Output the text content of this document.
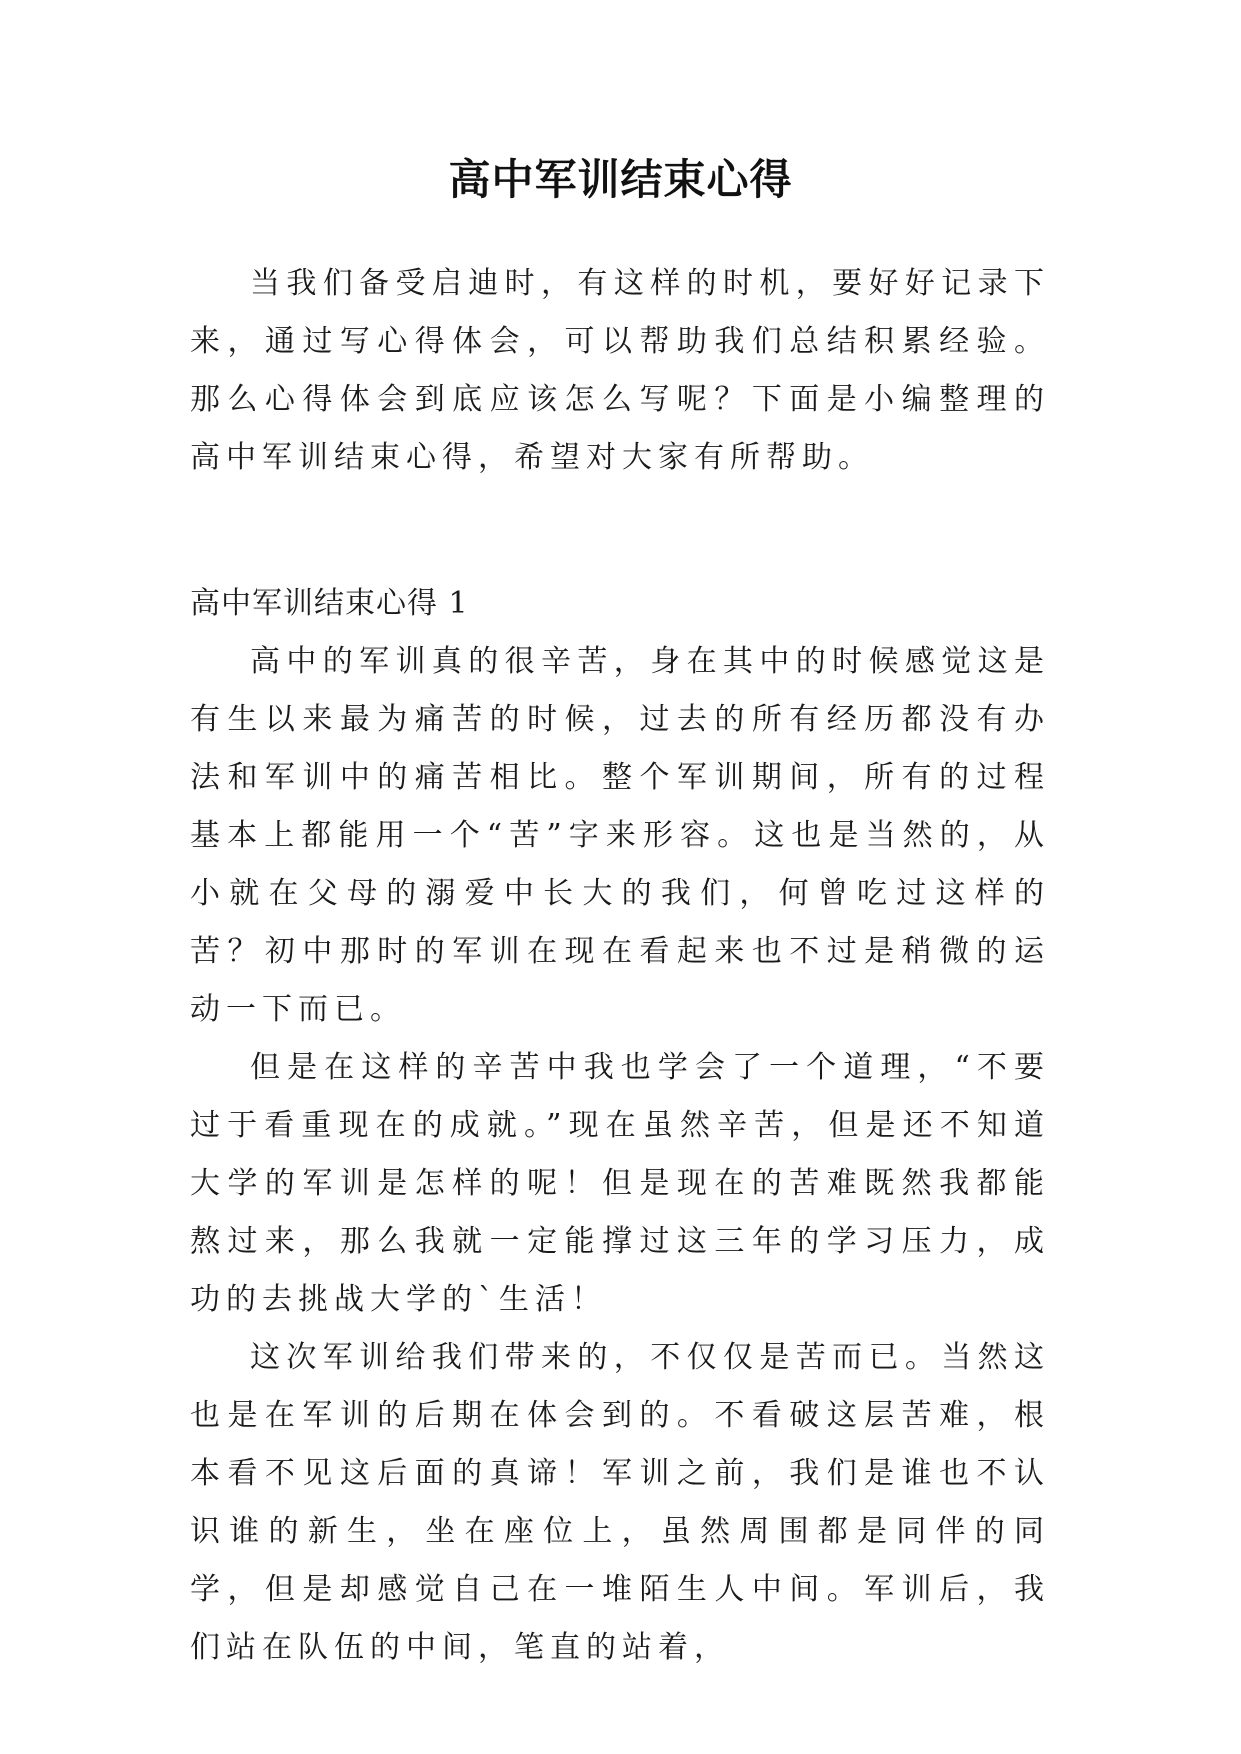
高中军训结束心得

当我们备受启迪时，有这样的时机，要好好记录下来，通过写心得体会，可以帮助我们总结积累经验。那么心得体会到底应该怎么写呢？下面是小编整理的高中军训结束心得，希望对大家有所帮助。

高中军训结束心得 1

高中的军训真的很辛苦，身在其中的时候感觉这是有生以来最为痛苦的时候，过去的所有经历都没有办法和军训中的痛苦相比。整个军训期间，所有的过程基本上都能用一个“苦”字来形容。这也是当然的，从小就在父母的溺爱中长大的我们，何曾吃过这样的苦？初中那时的军训在现在看起来也不过是稍微的运动一下而已。

但是在这样的辛苦中我也学会了一个道理，“不要过于看重现在的成就。”现在虽然辛苦，但是还不知道大学的军训是怎样的呢！但是现在的苦难既然我都能熬过来，那么我就一定能撑过这三年的学习压力，成功的去挑战大学的`生活！

这次军训给我们带来的，不仅仅是苦而已。当然这也是在军训的后期在体会到的。不看破这层苦难，根本看不见这后面的真谛！军训之前，我们是谁也不认识谁的新生，坐在座位上，虽然周围都是同伴的同学，但是却感觉自己在一堆陌生人中间。军训后，我们站在队伍的中间，笔直的站着，
